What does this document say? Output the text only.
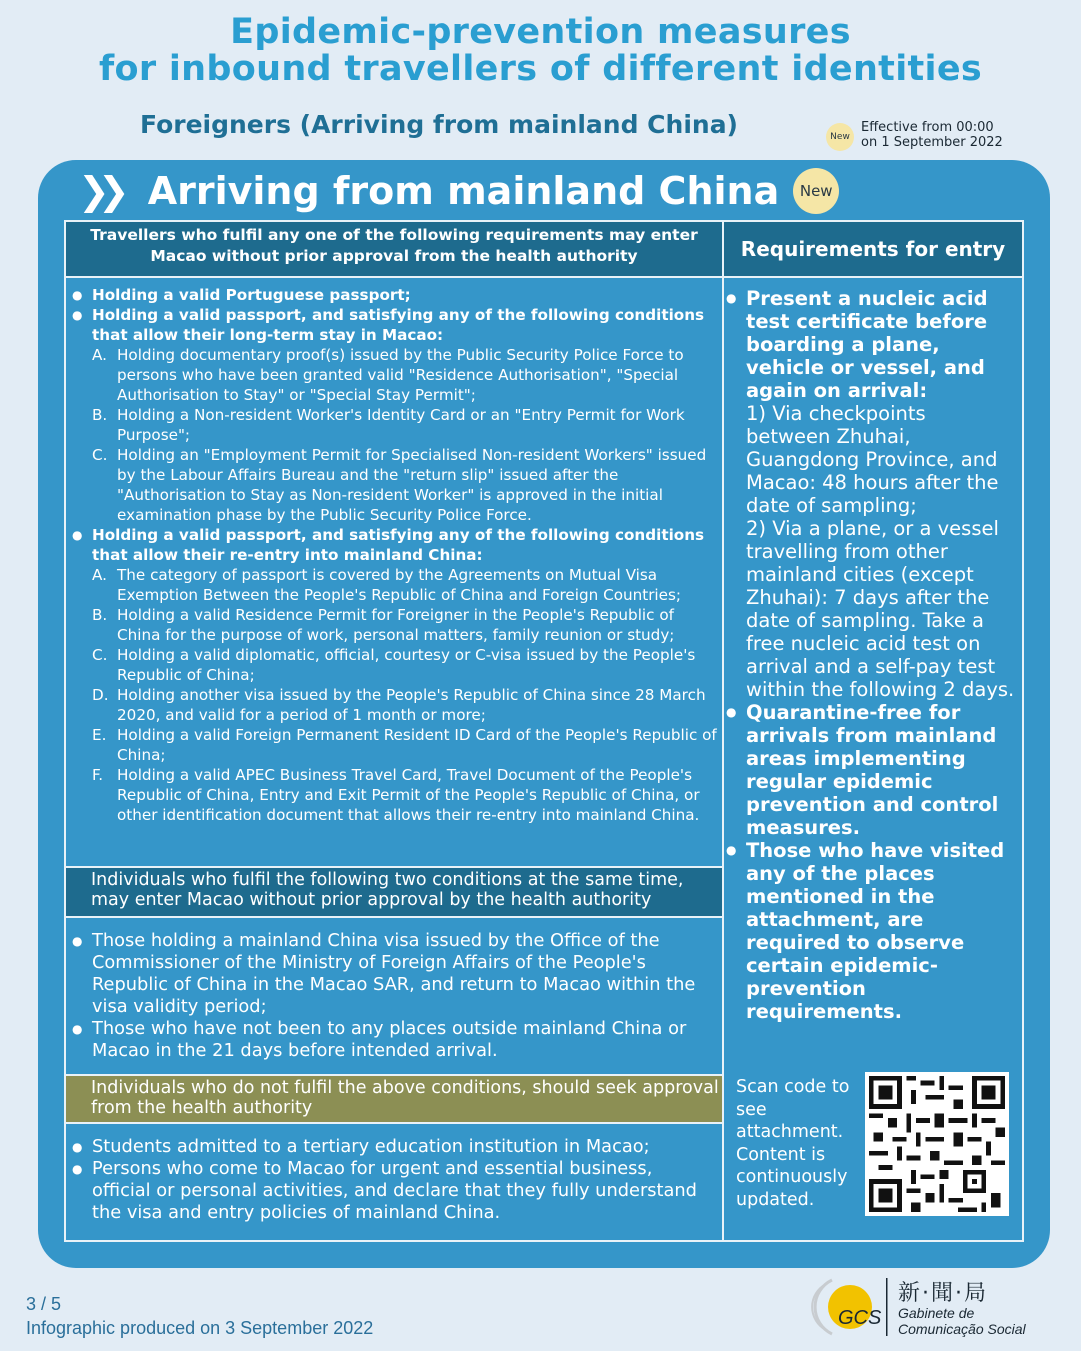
Epidemic-prevention measures
for inbound travellers of different identities
Foreigners (Arriving from mainland China)	New
Effective from 00:00
on 1 September 2022
❯❯ Arriving from mainland China	New
Travellers who fulfil any one of the following requirements may enter Macao without prior approval from the health authority	Requirements for entry
● Holding a valid Portuguese passport;
● Holding a valid passport, and satisfying any of the following conditions that allow their long-term stay in Macao:
A. Holding documentary proof(s) issued by the Public Security Police Force to persons who have been granted valid "Residence Authorisation", "Special Authorisation to Stay" or "Special Stay Permit";
B. Holding a Non-resident Worker's Identity Card or an "Entry Permit for Work Purpose";
C. Holding an "Employment Permit for Specialised Non-resident Workers" issued by the Labour Affairs Bureau and the "return slip" issued after the "Authorisation to Stay as Non-resident Worker" is approved in the initial examination phase by the Public Security Police Force.
● Holding a valid passport, and satisfying any of the following conditions that allow their re-entry into mainland China:
A. The category of passport is covered by the Agreements on Mutual Visa Exemption Between the People's Republic of China and Foreign Countries;
B. Holding a valid Residence Permit for Foreigner in the People's Republic of China for the purpose of work, personal matters, family reunion or study;
C. Holding a valid diplomatic, official, courtesy or C-visa issued by the People's Republic of China;
D. Holding another visa issued by the People's Republic of China since 28 March 2020, and valid for a period of 1 month or more;
E. Holding a valid Foreign Permanent Resident ID Card of the People's Republic of China;
F. Holding a valid APEC Business Travel Card, Travel Document of the People's Republic of China, Entry and Exit Permit of the People's Republic of China, or other identification document that allows their re-entry into mainland China.
Individuals who fulfil the following two conditions at the same time, may enter Macao without prior approval by the health authority
● Those holding a mainland China visa issued by the Office of the Commissioner of the Ministry of Foreign Affairs of the People's Republic of China in the Macao SAR, and return to Macao within the visa validity period;
● Those who have not been to any places outside mainland China or Macao in the 21 days before intended arrival.
Individuals who do not fulfil the above conditions, should seek approval from the health authority
● Students admitted to a tertiary education institution in Macao;
● Persons who come to Macao for urgent and essential business, official or personal activities, and declare that they fully understand the visa and entry policies of mainland China.
● Present a nucleic acid test certificate before boarding a plane, vehicle or vessel, and again on arrival:
1) Via checkpoints between Zhuhai, Guangdong Province, and Macao: 48 hours after the date of sampling;
2) Via a plane, or a vessel travelling from other mainland cities (except Zhuhai): 7 days after the date of sampling. Take a free nucleic acid test on arrival and a self-pay test within the following 2 days.
● Quarantine-free for arrivals from mainland areas implementing regular epidemic prevention and control measures.
● Those who have visited any of the places mentioned in the attachment, are required to observe certain epidemic-prevention requirements.
Scan code to see attachment. Content is continuously updated.
3 / 5
Infographic produced on 3 September 2022	GCS
新·聞·局
Gabinete de
Comunicação Social
